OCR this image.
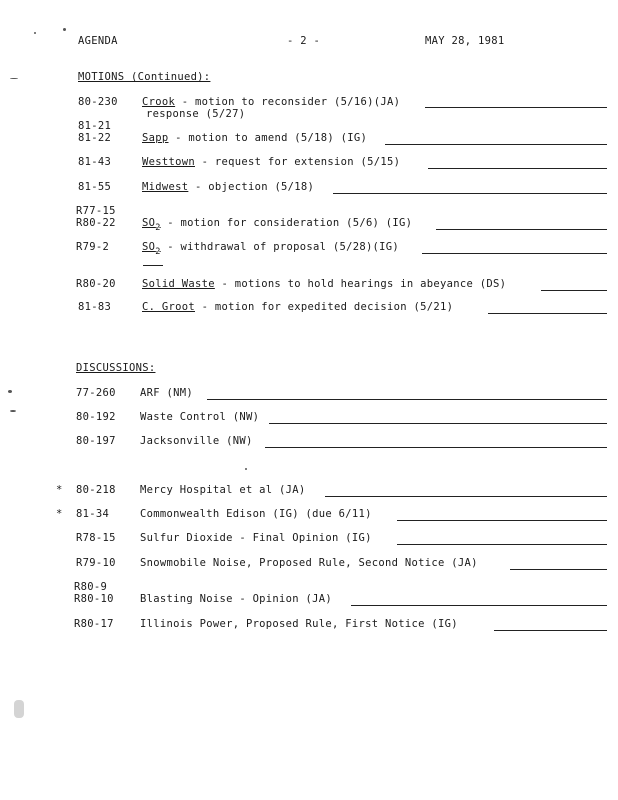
AGENDA	- 2 -	MAY 28, 1981
MOTIONS (Continued):
80-230 Crook - motion to reconsider (5/16)(JA)
response (5/27)
81-21
81-22	Sapp - motion to amend (5/18) (IG)
81-43	Westtown - request for extension (5/15)
81-55	Midwest - objection (5/18)
R77-15
R80-22	$SO_2$ - motion for consideration (5/6) (IG)
R79-2	$SO_2$ - withdrawal of proposal (5/28)(IG)
R80-20	Solid Waste - motions to hold hearings in abeyance (DS)
81-83	C. Groot - motion for expedited decision (5/21)
DISCUSSIONS:
77-260 ARF (NM)
80-192 Waste Control (NW)
80-197 Jacksonville (NW)
* 80-218 Mercy Hospital et al (JA)
* 81-34	Commonwealth Edison (IG) (due 6/11)
R78-15 Sulfur Dioxide - Final Opinion (IG)
R79-10 Snowmobile Noise, Proposed Rule, Second Notice (JA)
R80-9
R80-10	Blasting Noise - Opinion (JA)
R80-17	Illinois Power, Proposed Rule, First Notice (IG)
